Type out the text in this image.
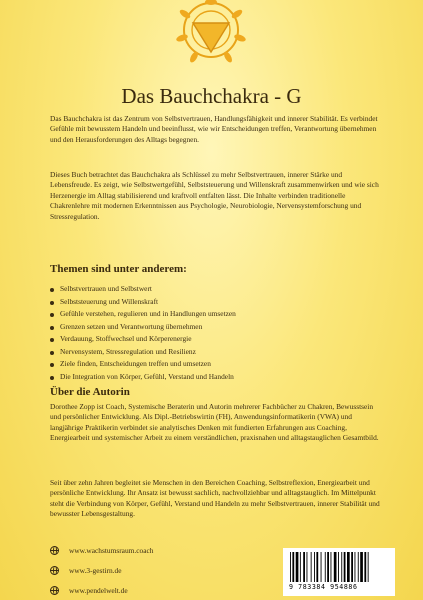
Das Bauchchakra - G

Das Bauchchakra ist das Zentrum von Selbstvertrauen, Handlungsfähigkeit und innerer Stabilität. Es verbindet Gefühle mit bewusstem Handeln und beeinflusst, wie wir Entscheidungen treffen, Verantwortung übernehmen und den Herausforderungen des Alltags begegnen.

Dieses Buch betrachtet das Bauchchakra als Schlüssel zu mehr Selbstvertrauen, innerer Stärke und Lebensfreude. Es zeigt, wie Selbstwertgefühl, Selbststeuerung und Willenskraft zusammenwirken und wie sich Herzenergie im Alltag stabilisierend und kraftvoll entfalten lässt. Die Inhalte verbinden traditionelle Chakrenlehre mit modernen Erkenntnissen aus Psychologie, Neurobiologie, Nervensystemforschung und Stressregulation.

Themen sind unter anderem:
Selbstvertrauen und Selbstwert
Selbststeuerung und Willenskraft
Gefühle verstehen, regulieren und in Handlungen umsetzen
Grenzen setzen und Verantwortung übernehmen
Verdauung, Stoffwechsel und Körperenergie
Nervensystem, Stressregulation und Resilienz
Ziele finden, Entscheidungen treffen und umsetzen
Die Integration von Körper, Gefühl, Verstand und Handeln
Über die Autorin

Dorothee Zopp ist Coach, Systemische Beraterin und Autorin mehrerer Fachbücher zu Chakren, Bewusstsein und persönlicher Entwicklung. Als Dipl.-Betriebswirtin (FH), Anwendungsinformatikerin (VWA) und langjährige Praktikerin verbindet sie analytisches Denken mit fundierten Erfahrungen aus Coaching, Energiearbeit und systemischer Arbeit zu einem verständlichen, praxisnahen und alltagstauglichen Gesamtbild.

Seit über zehn Jahren begleitet sie Menschen in den Bereichen Coaching, Selbstreflexion, Energiearbeit und persönliche Entwicklung. Ihr Ansatz ist bewusst sachlich, nachvollziehbar und alltagstauglich. Im Mittelpunkt steht die Verbindung von Körper, Gefühl, Verstand und Handeln zu mehr Selbstvertrauen, innerer Stabilität und bewusster Lebensgestaltung.

www.wachstumsraum.coach
www.3-gestirn.de
www.pendelwelt.de	9 783384 954886
